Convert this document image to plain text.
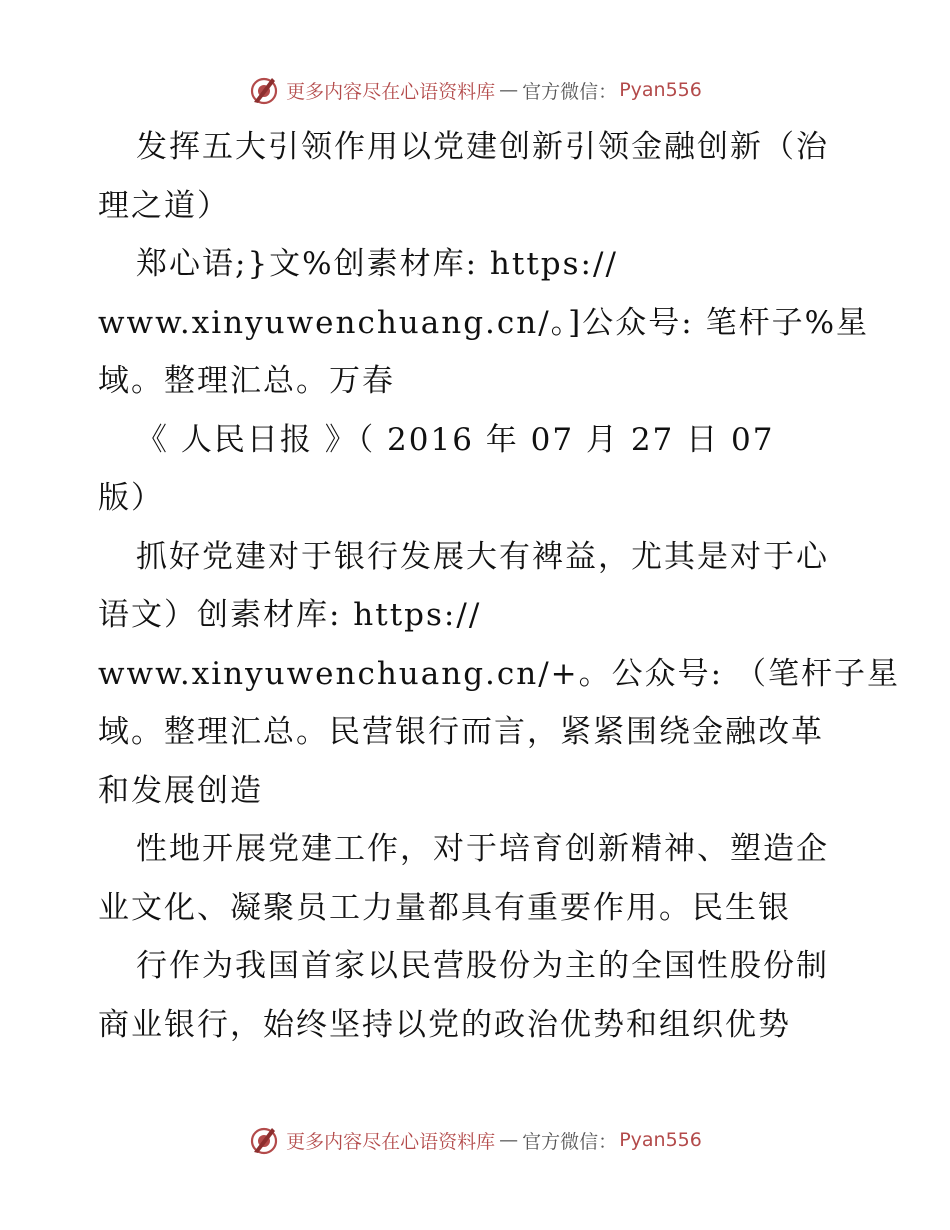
更多内容尽在心语资料库 — 官方微信： Pyan556
发挥五大引领作用以党建创新引领金融创新（治
理之道）
郑心语;}文%创素材库: https://
www.xinyuwenchuang.cn/。]公众号: 笔杆子%星
域。整理汇总。万春
《 人民日报 》（ 2016 年 07 月 27 日 07
版）
抓好党建对于银行发展大有裨益，尤其是对于心
语文）创素材库: https://
www.xinyuwenchuang.cn/+。公众号: （笔杆子星
域。整理汇总。民营银行而言，紧紧围绕金融改革
和发展创造
性地开展党建工作，对于培育创新精神、塑造企
业文化、凝聚员工力量都具有重要作用。民生银
行作为我国首家以民营股份为主的全国性股份制
商业银行，始终坚持以党的政治优势和组织优势
更多内容尽在心语资料库 — 官方微信： Pyan556
